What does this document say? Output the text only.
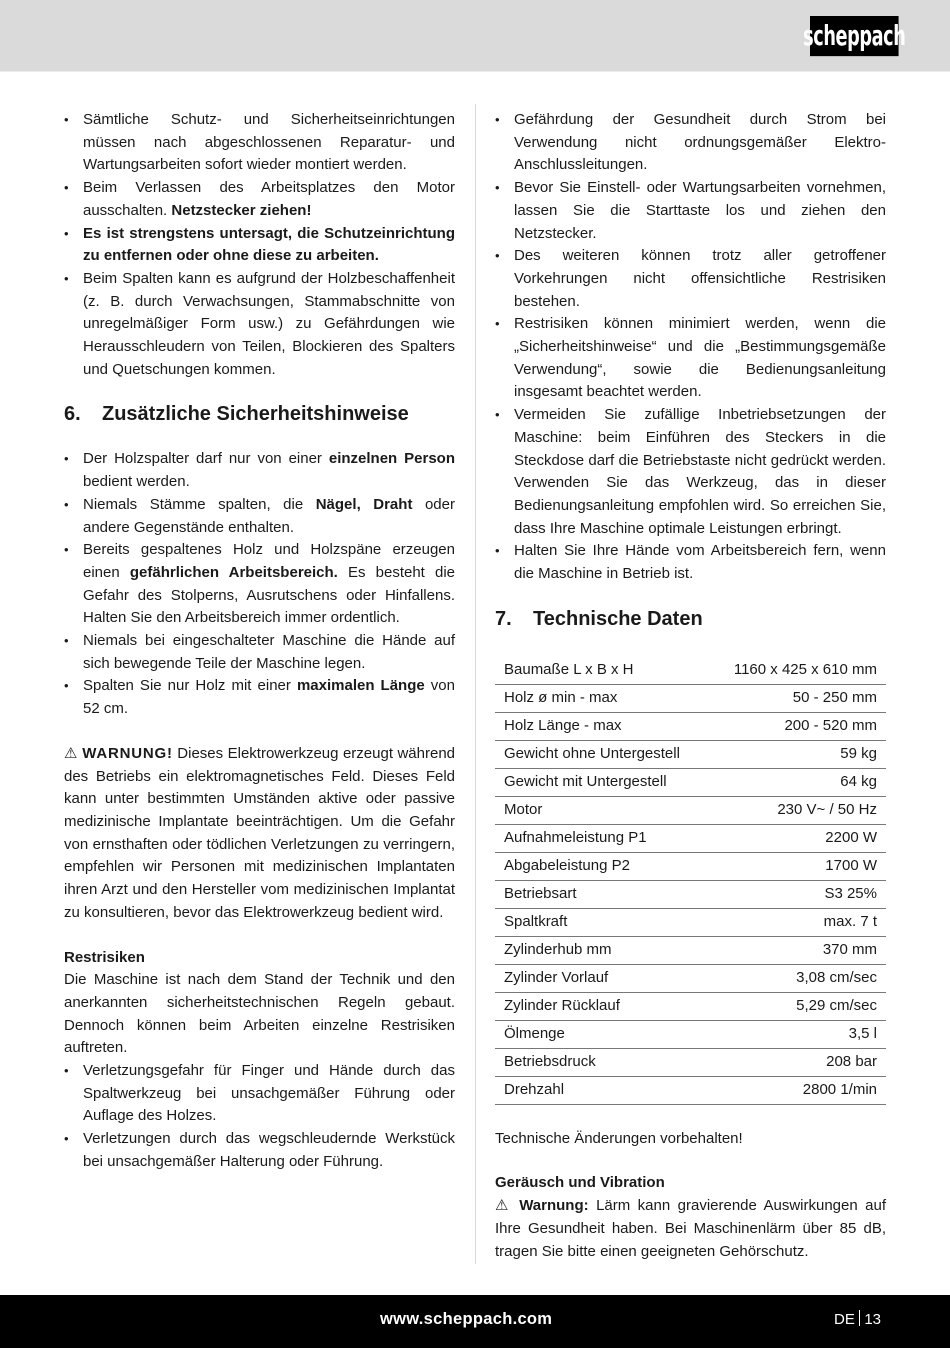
scheppach
• Sämtliche Schutz- und Sicherheitseinrichtungen müssen nach abgeschlossenen Reparatur- und Wartungsarbeiten sofort wieder montiert werden.
• Beim Verlassen des Arbeitsplatzes den Motor ausschalten. Netzstecker ziehen!
• Es ist strengstens untersagt, die Schutzeinrichtung zu entfernen oder ohne diese zu arbeiten.
• Beim Spalten kann es aufgrund der Holzbeschaffenheit (z. B. durch Verwachsungen, Stammabschnitte von unregelmäßiger Form usw.) zu Gefährdungen wie Herausschleudern von Teilen, Blockieren des Spalters und Quetschungen kommen.
6.	Zusätzliche Sicherheitshinweise
• Der Holzspalter darf nur von einer einzelnen Person bedient werden.
• Niemals Stämme spalten, die Nägel, Draht oder andere Gegenstände enthalten.
• Bereits gespaltenes Holz und Holzspäne erzeugen einen gefährlichen Arbeitsbereich. Es besteht die Gefahr des Stolperns, Ausrutschens oder Hinfallens. Halten Sie den Arbeitsbereich immer ordentlich.
• Niemals bei eingeschalteter Maschine die Hände auf sich bewegende Teile der Maschine legen.
• Spalten Sie nur Holz mit einer maximalen Länge von 52 cm.

⚠ WARNUNG! Dieses Elektrowerkzeug erzeugt während des Betriebs ein elektromagnetisches Feld. Dieses Feld kann unter bestimmten Umständen aktive oder passive medizinische Implantate beeinträchtigen. Um die Gefahr von ernsthaften oder tödlichen Verletzungen zu verringern, empfehlen wir Personen mit medizinischen Implantaten ihren Arzt und den Hersteller vom medizinischen Implantat zu konsultieren, bevor das Elektrowerkzeug bedient wird.

Restrisiken

Die Maschine ist nach dem Stand der Technik und den anerkannten sicherheitstechnischen Regeln gebaut. Dennoch können beim Arbeiten einzelne Restrisiken auftreten.

• Verletzungsgefahr für Finger und Hände durch das Spaltwerkzeug bei unsachgemäßer Führung oder Auflage des Holzes.
• Verletzungen durch das wegschleudernde Werkstück bei unsachgemäßer Halterung oder Führung.
• Gefährdung der Gesundheit durch Strom bei Verwendung nicht ordnungsgemäßer Elektro-Anschlussleitungen.
• Bevor Sie Einstell- oder Wartungsarbeiten vornehmen, lassen Sie die Starttaste los und ziehen den Netzstecker.
• Des weiteren können trotz aller getroffener Vorkehrungen nicht offensichtliche Restrisiken bestehen.
• Restrisiken können minimiert werden, wenn die „Sicherheitshinweise“ und die „Bestimmungsgemäße Verwendung“, sowie die Bedienungsanleitung insgesamt beachtet werden.
• Vermeiden Sie zufällige Inbetriebsetzungen der Maschine: beim Einführen des Steckers in die Steckdose darf die Betriebstaste nicht gedrückt werden. Verwenden Sie das Werkzeug, das in dieser Bedienungsanleitung empfohlen wird. So erreichen Sie, dass Ihre Maschine optimale Leistungen erbringt.
• Halten Sie Ihre Hände vom Arbeitsbereich fern, wenn die Maschine in Betrieb ist.
7.	Technische Daten
Baumaße L x B x H	1160 x 425 x 610 mm
Holz ø min - max	50 - 250 mm
Holz Länge - max	200 - 520 mm
Gewicht ohne Untergestell	59 kg
Gewicht mit Untergestell	64 kg
Motor	230 V~ / 50 Hz
Aufnahmeleistung P1	2200 W
Abgabeleistung P2	1700 W
Betriebsart	S3 25%
Spaltkraft	max. 7 t
Zylinderhub mm	370 mm
Zylinder Vorlauf	3,08 cm/sec
Zylinder Rücklauf	5,29 cm/sec
Ölmenge	3,5 l
Betriebsdruck	208 bar
Drehzahl	2800 1/min

Technische Änderungen vorbehalten!

Geräusch und Vibration

⚠ Warnung: Lärm kann gravierende Auswirkungen auf Ihre Gesundheit haben. Bei Maschinenlärm über 85 dB, tragen Sie bitte einen geeigneten Gehörschutz.

www.scheppach.com	DE 13
